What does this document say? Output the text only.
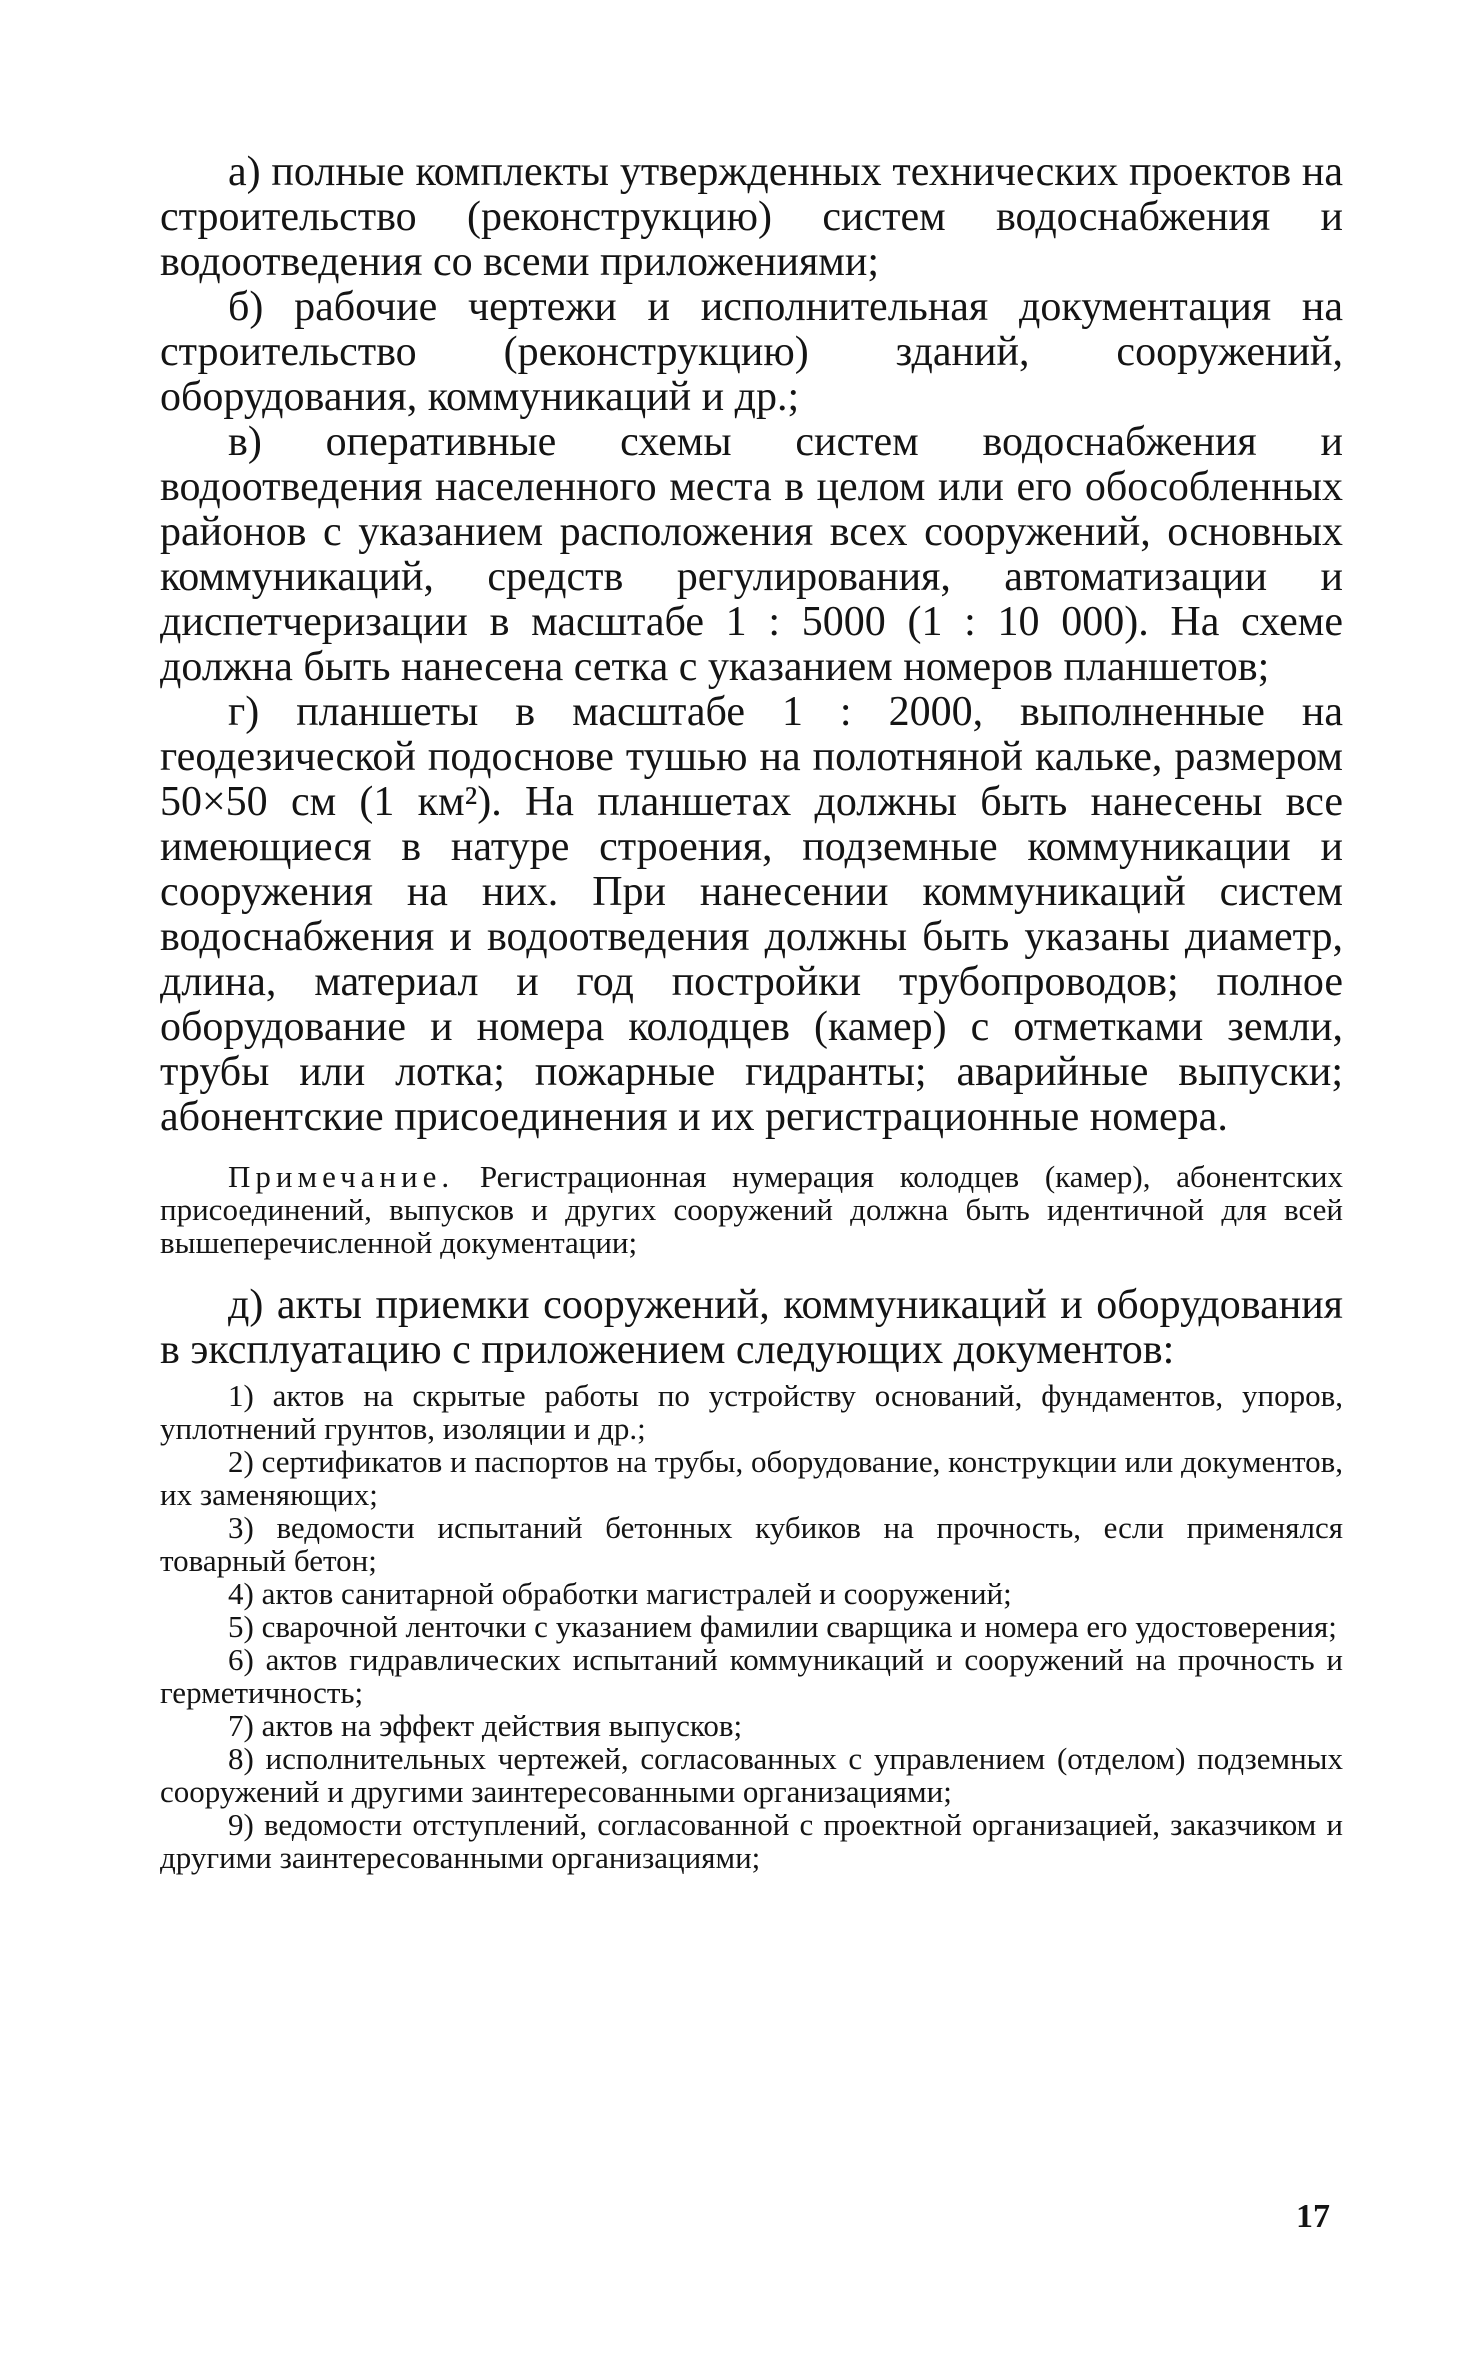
а) полные комплекты утвержденных технических проектов на строительство (реконструкцию) систем водоснабжения и водоотведения со всеми приложениями;

б) рабочие чертежи и исполнительная документация на строительство (реконструкцию) зданий, сооружений, оборудования, коммуникаций и др.;

в) оперативные схемы систем водоснабжения и водоотведения населенного места в целом или его обособленных районов с указанием расположения всех сооружений, основных коммуникаций, средств регулирования, автоматизации и диспетчеризации в масштабе 1 : 5000 (1 : 10 000). На схеме должна быть нанесена сетка с указанием номеров планшетов;

г) планшеты в масштабе 1 : 2000, выполненные на геодезической подоснове тушью на полотняной кальке, размером 50×50 см (1 км²). На планшетах должны быть нанесены все имеющиеся в натуре строения, подземные коммуникации и сооружения на них. При нанесении коммуникаций систем водоснабжения и водоотведения должны быть указаны диаметр, длина, материал и год постройки трубопроводов; полное оборудование и номера колодцев (камер) с отметками земли, трубы или лотка; пожарные гидранты; аварийные выпуски; абонентские присоединения и их регистрационные номера.

Примечание. Регистрационная нумерация колодцев (камер), абонентских присоединений, выпусков и других сооружений должна быть идентичной для всей вышеперечисленной документации;

д) акты приемки сооружений, коммуникаций и оборудования в эксплуатацию с приложением следующих документов:

1) актов на скрытые работы по устройству оснований, фундаментов, упоров, уплотнений грунтов, изоляции и др.;

2) сертификатов и паспортов на трубы, оборудование, конструкции или документов, их заменяющих;

3) ведомости испытаний бетонных кубиков на прочность, если применялся товарный бетон;

4) актов санитарной обработки магистралей и сооружений;

5) сварочной ленточки с указанием фамилии сварщика и номера его удостоверения;

6) актов гидравлических испытаний коммуникаций и сооружений на прочность и герметичность;

7) актов на эффект действия выпусков;

8) исполнительных чертежей, согласованных с управлением (отделом) подземных сооружений и другими заинтересованными организациями;

9) ведомости отступлений, согласованной с проектной организацией, заказчиком и другими заинтересованными организациями;

17
